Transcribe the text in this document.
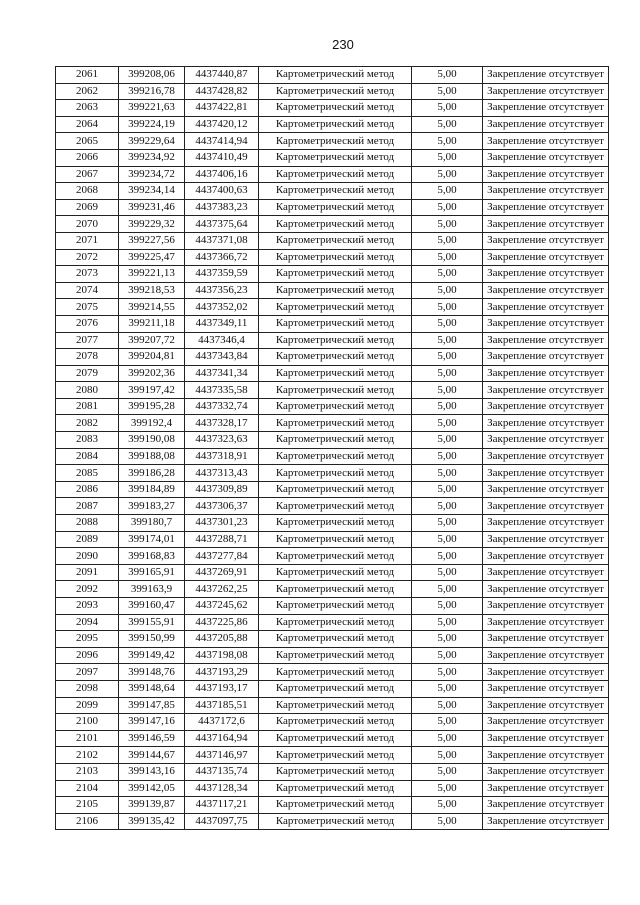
230
2061	399208,06	4437440,87	Картометрический метод	5,00	Закрепление отсутствует
2062	399216,78	4437428,82	Картометрический метод	5,00	Закрепление отсутствует
2063	399221,63	4437422,81	Картометрический метод	5,00	Закрепление отсутствует
2064	399224,19	4437420,12	Картометрический метод	5,00	Закрепление отсутствует
2065	399229,64	4437414,94	Картометрический метод	5,00	Закрепление отсутствует
2066	399234,92	4437410,49	Картометрический метод	5,00	Закрепление отсутствует
2067	399234,72	4437406,16	Картометрический метод	5,00	Закрепление отсутствует
2068	399234,14	4437400,63	Картометрический метод	5,00	Закрепление отсутствует
2069	399231,46	4437383,23	Картометрический метод	5,00	Закрепление отсутствует
2070	399229,32	4437375,64	Картометрический метод	5,00	Закрепление отсутствует
2071	399227,56	4437371,08	Картометрический метод	5,00	Закрепление отсутствует
2072	399225,47	4437366,72	Картометрический метод	5,00	Закрепление отсутствует
2073	399221,13	4437359,59	Картометрический метод	5,00	Закрепление отсутствует
2074	399218,53	4437356,23	Картометрический метод	5,00	Закрепление отсутствует
2075	399214,55	4437352,02	Картометрический метод	5,00	Закрепление отсутствует
2076	399211,18	4437349,11	Картометрический метод	5,00	Закрепление отсутствует
2077	399207,72	4437346,4	Картометрический метод	5,00	Закрепление отсутствует
2078	399204,81	4437343,84	Картометрический метод	5,00	Закрепление отсутствует
2079	399202,36	4437341,34	Картометрический метод	5,00	Закрепление отсутствует
2080	399197,42	4437335,58	Картометрический метод	5,00	Закрепление отсутствует
2081	399195,28	4437332,74	Картометрический метод	5,00	Закрепление отсутствует
2082	399192,4	4437328,17	Картометрический метод	5,00	Закрепление отсутствует
2083	399190,08	4437323,63	Картометрический метод	5,00	Закрепление отсутствует
2084	399188,08	4437318,91	Картометрический метод	5,00	Закрепление отсутствует
2085	399186,28	4437313,43	Картометрический метод	5,00	Закрепление отсутствует
2086	399184,89	4437309,89	Картометрический метод	5,00	Закрепление отсутствует
2087	399183,27	4437306,37	Картометрический метод	5,00	Закрепление отсутствует
2088	399180,7	4437301,23	Картометрический метод	5,00	Закрепление отсутствует
2089	399174,01	4437288,71	Картометрический метод	5,00	Закрепление отсутствует
2090	399168,83	4437277,84	Картометрический метод	5,00	Закрепление отсутствует
2091	399165,91	4437269,91	Картометрический метод	5,00	Закрепление отсутствует
2092	399163,9	4437262,25	Картометрический метод	5,00	Закрепление отсутствует
2093	399160,47	4437245,62	Картометрический метод	5,00	Закрепление отсутствует
2094	399155,91	4437225,86	Картометрический метод	5,00	Закрепление отсутствует
2095	399150,99	4437205,88	Картометрический метод	5,00	Закрепление отсутствует
2096	399149,42	4437198,08	Картометрический метод	5,00	Закрепление отсутствует
2097	399148,76	4437193,29	Картометрический метод	5,00	Закрепление отсутствует
2098	399148,64	4437193,17	Картометрический метод	5,00	Закрепление отсутствует
2099	399147,85	4437185,51	Картометрический метод	5,00	Закрепление отсутствует
2100	399147,16	4437172,6	Картометрический метод	5,00	Закрепление отсутствует
2101	399146,59	4437164,94	Картометрический метод	5,00	Закрепление отсутствует
2102	399144,67	4437146,97	Картометрический метод	5,00	Закрепление отсутствует
2103	399143,16	4437135,74	Картометрический метод	5,00	Закрепление отсутствует
2104	399142,05	4437128,34	Картометрический метод	5,00	Закрепление отсутствует
2105	399139,87	4437117,21	Картометрический метод	5,00	Закрепление отсутствует
2106	399135,42	4437097,75	Картометрический метод	5,00	Закрепление отсутствует
